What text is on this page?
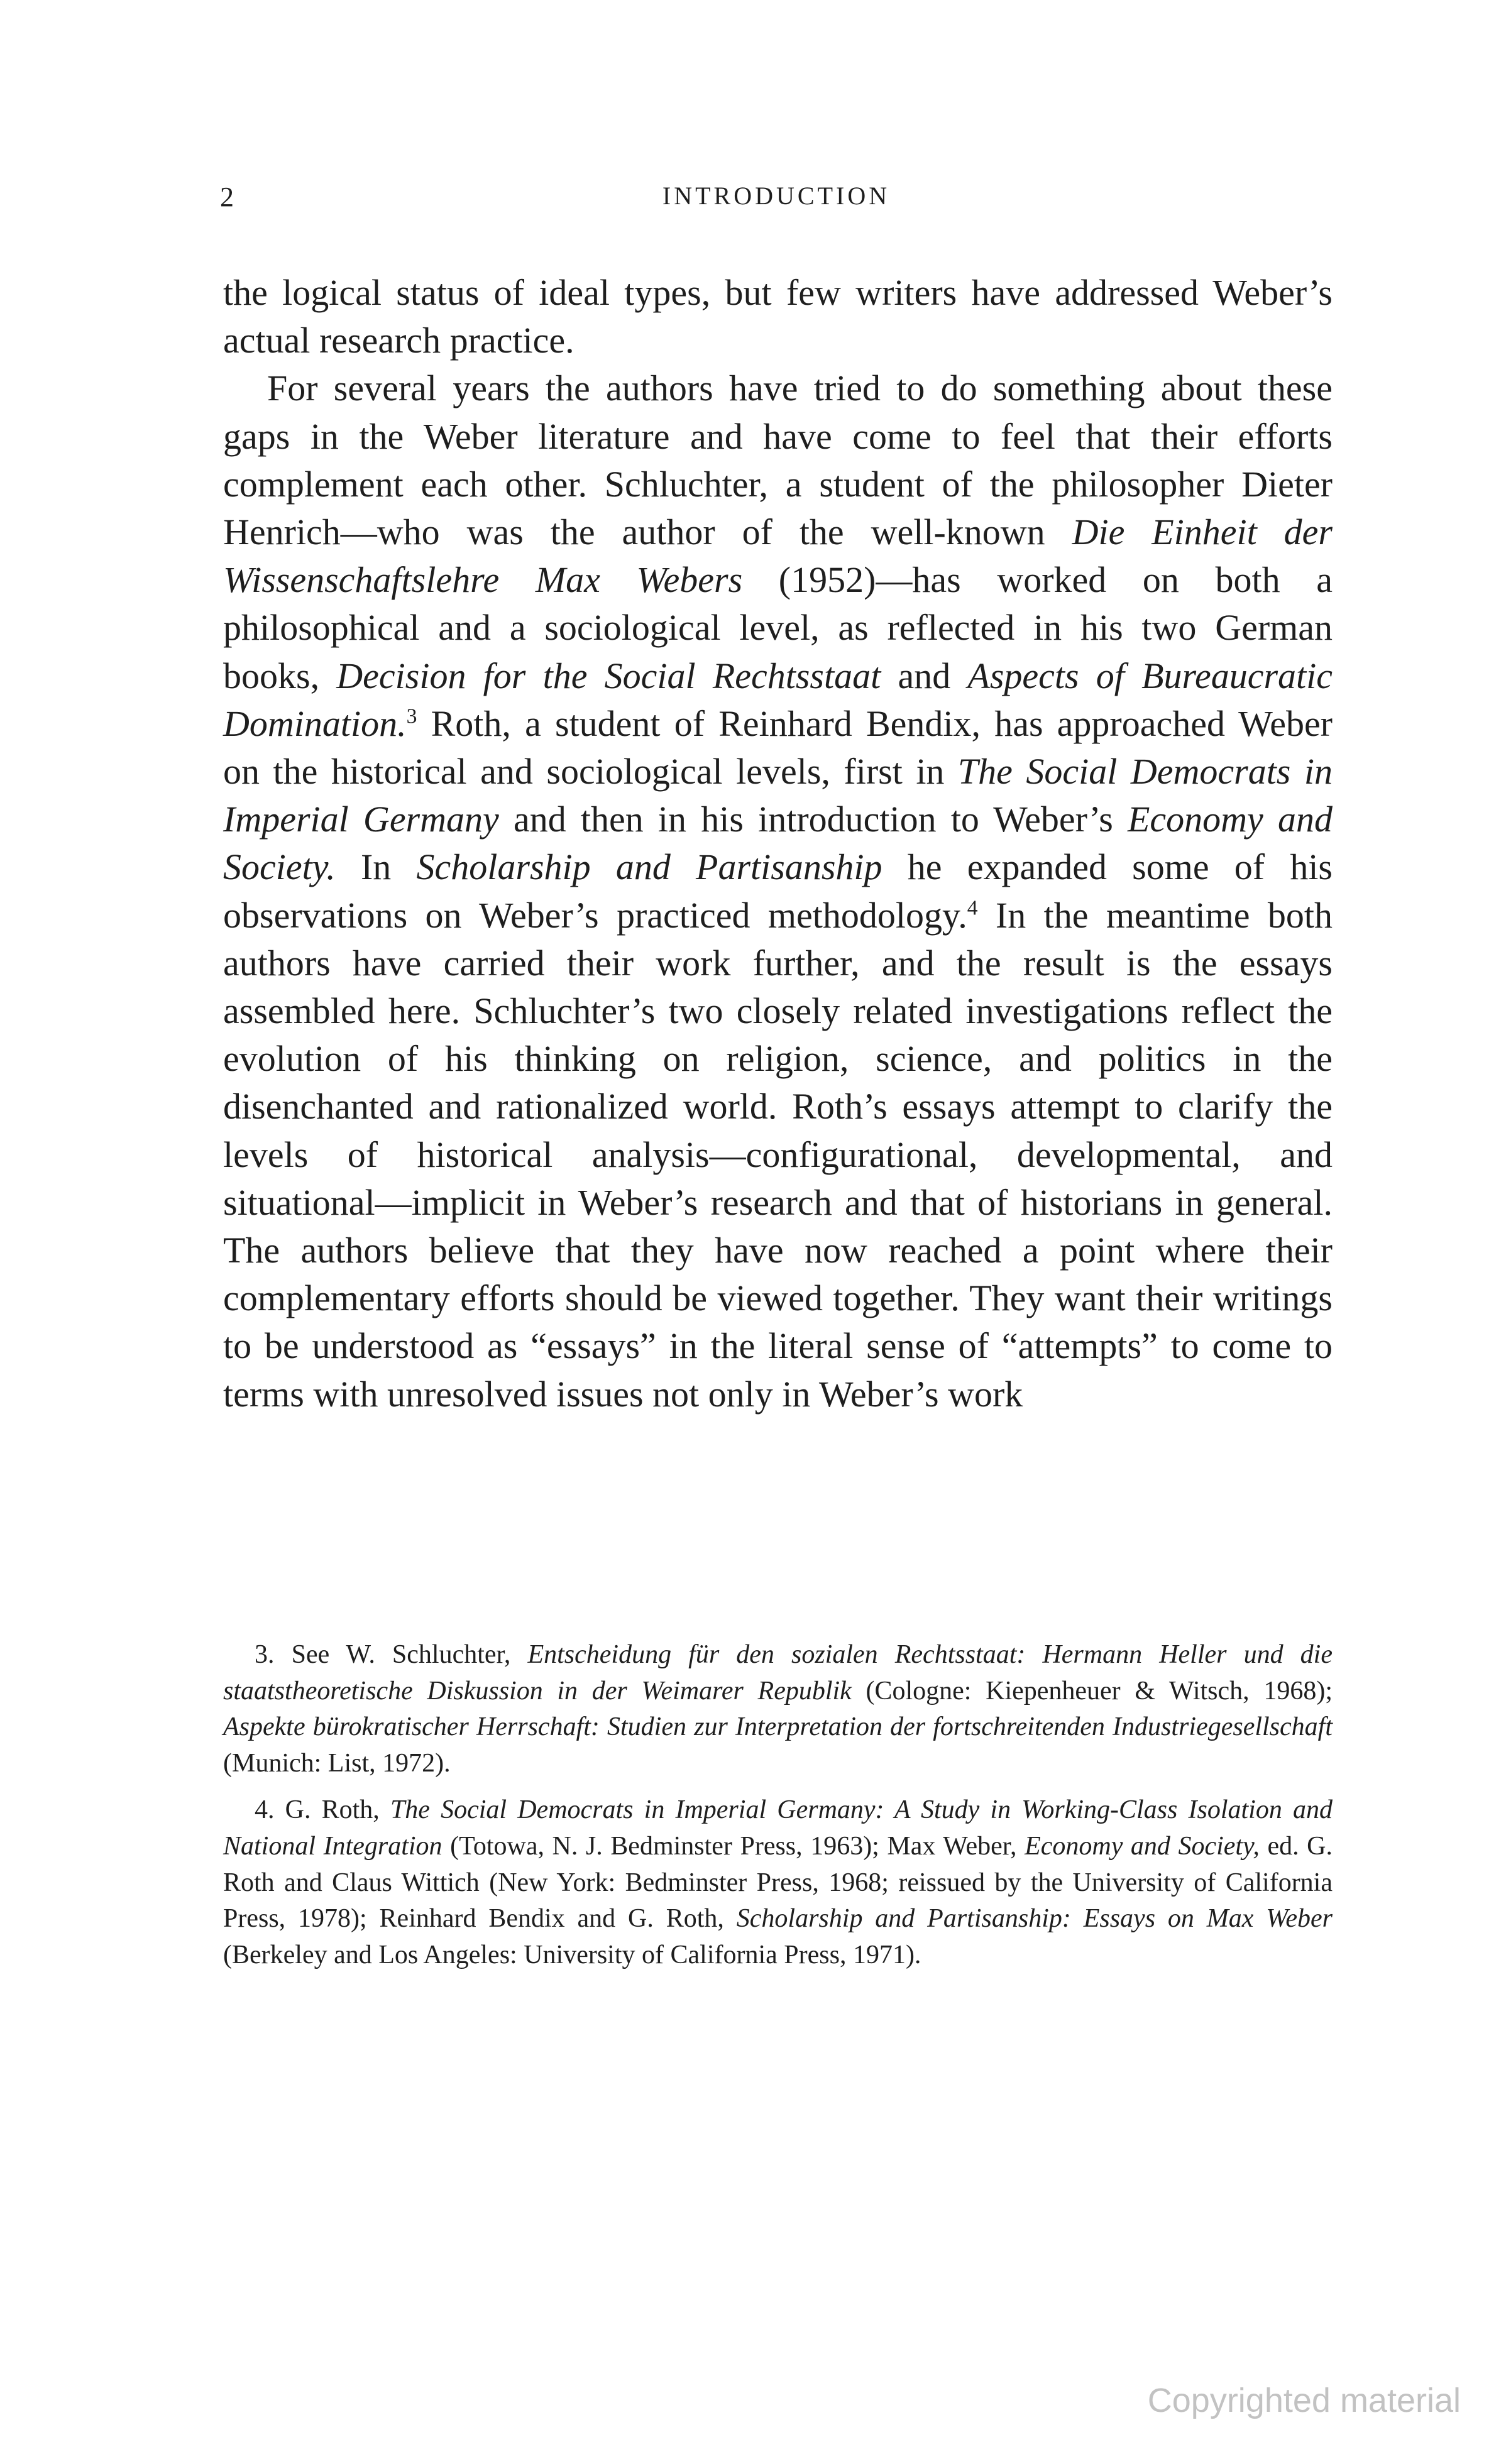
2	INTRODUCTION

the logical status of ideal types, but few writers have addressed Weber’s actual research practice.

For several years the authors have tried to do something about these gaps in the Weber literature and have come to feel that their efforts complement each other. Schluchter, a student of the philosopher Dieter Henrich—who was the author of the well-known Die Einheit der Wissenschaftslehre Max Webers (1952)—has worked on both a philosophical and a sociological level, as reflected in his two German books, Decision for the Social Rechtsstaat and Aspects of Bureaucratic Domination.$^3$ Roth, a student of Reinhard Bendix, has approached Weber on the historical and sociological levels, first in The Social Democrats in Imperial Germany and then in his introduction to Weber’s Economy and Society. In Scholarship and Partisanship he expanded some of his observations on Weber’s practiced methodology.$^4$ In the meantime both authors have carried their work further, and the result is the essays assembled here. Schluchter’s two closely related investigations reflect the evolution of his thinking on religion, science, and politics in the disenchanted and rationalized world. Roth’s essays attempt to clarify the levels of historical analysis—configurational, developmental, and situational—implicit in Weber’s research and that of historians in general. The authors believe that they have now reached a point where their complementary efforts should be viewed together. They want their writings to be understood as “essays” in the literal sense of “attempts” to come to terms with unresolved issues not only in Weber’s work

3. See W. Schluchter, Entscheidung für den sozialen Rechtsstaat: Hermann Heller und die staatstheoretische Diskussion in der Weimarer Republik (Cologne: Kiepenheuer & Witsch, 1968); Aspekte bürokratischer Herrschaft: Studien zur Interpretation der fortschreitenden Industriegesellschaft (Munich: List, 1972).

4. G. Roth, The Social Democrats in Imperial Germany: A Study in Working-Class Isolation and National Integration (Totowa, N. J. Bedminster Press, 1963); Max Weber, Economy and Society, ed. G. Roth and Claus Wittich (New York: Bedminster Press, 1968; reissued by the University of California Press, 1978); Reinhard Bendix and G. Roth, Scholarship and Partisanship: Essays on Max Weber (Berkeley and Los Angeles: University of California Press, 1971).

Copyrighted material
